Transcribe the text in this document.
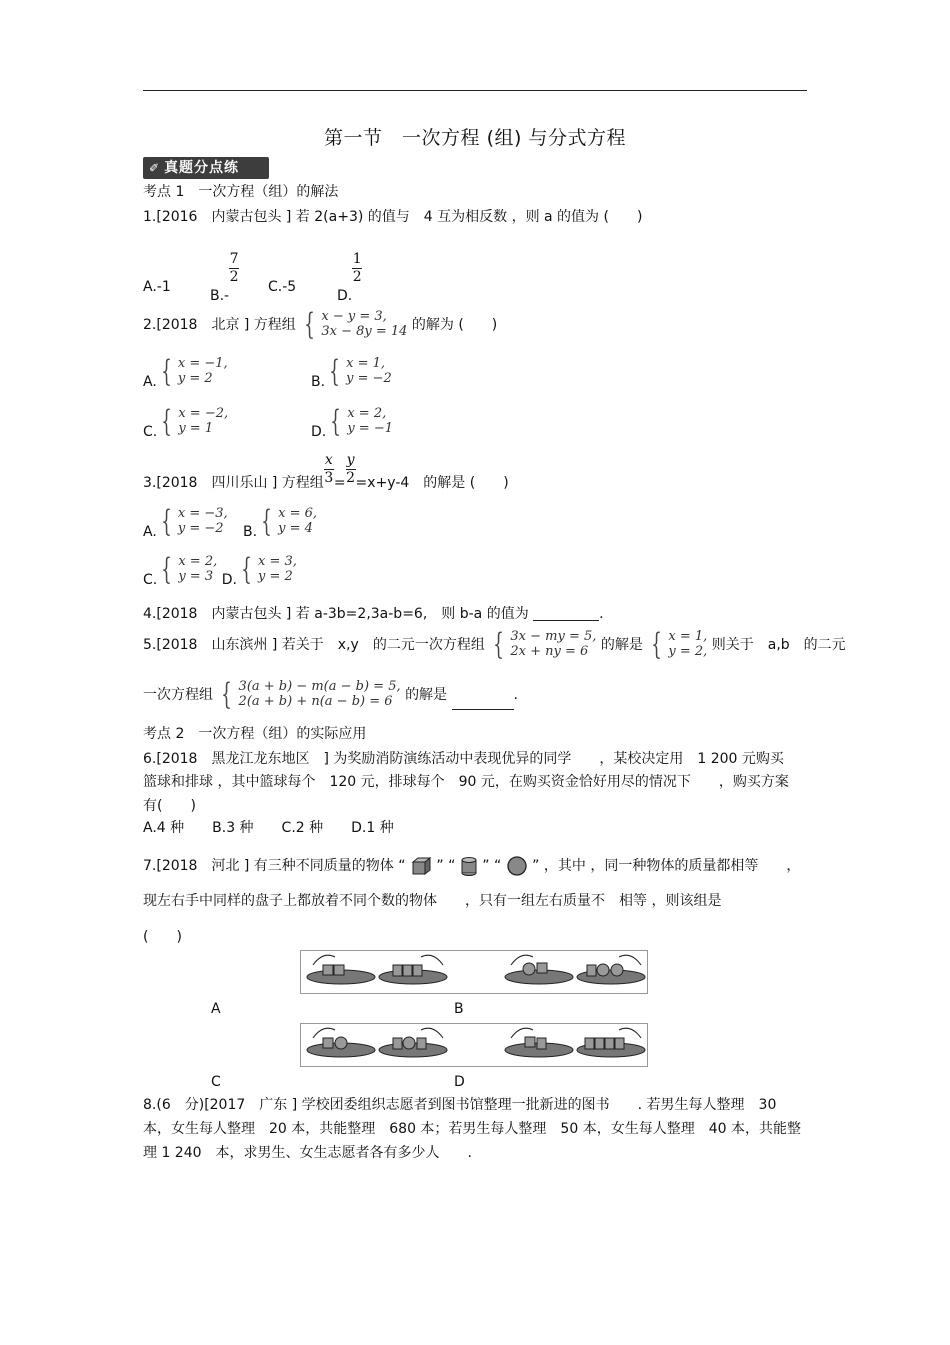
第一节　一次方程 (组) 与分式方程
✐ 真题分点练
考点 1　一次方程（组）的解法
1.[2016　内蒙古包头 ] 若 2(a+3) 的值与　4 互为相反数 ，则 a 的值为 (　　)
A.-1
B.-
$\frac{7}{2}$
C.-5
D.
$\frac{1}{2}$
2.[2018　北京 ] 方程组 { x − y = 3,
3x − 8y = 14 的解为 (　　)
A. { x = −1,
y = 2	B. { x = 1,
y = −2
C. { x = −2,
y = 1	D. { x = 2,
y = −1
3.[2018　四川乐山 ] 方程组 $\frac{x}{3} = \frac{y}{2} =x+y-4$　的解是 (　　)
A. { x = −3,
y = −2 B. { x = 6,
y = 4
C. { x = 2,
y = 3 D. { x = 3,
y = 2
4.[2018　内蒙古包头 ] 若 a-3b=2,3a-b=6,　则 b-a 的值为	.
5.[2018　山东滨州 ] 若关于　x,y　的二元一次方程组 { 3x − my = 5,
2x + ny = 6 的解是 { x = 1,
y = 2, 则关于　a,b　的二元
一次方程组 { 3(a + b) − m(a − b) = 5,
2(a + b) + n(a − b) = 6 的解是	.
考点 2　一次方程（组）的实际应用
6.[2018　黑龙江龙东地区　] 为奖励消防演练活动中表现优异的同学　　，某校决定用　1 200 元购买
篮球和排球 ，其中篮球每个　120 元，排球每个　90 元，在购买资金恰好用尽的情况下　　，购买方案
有(　　)
A.4 种　　B.3 种　　C.2 种　　D.1 种
7.[2018　河北 ] 有三种不同质量的物体 “ ” “ ” “ ” ，其中 ，同一种物体的质量都相等　　，
现左右手中同样的盘子上都放着不同个数的物体　　，只有一组左右质量不　相等 ，则该组是
(　　)
A	B
C	D
8.(6　分)[2017　广东 ] 学校团委组织志愿者到图书馆整理一批新进的图书　　. 若男生每人整理　30
本，女生每人整理　20 本，共能整理　680 本；若男生每人整理　50 本，女生每人整理　40 本，共能整
理 1 240　本，求男生、女生志愿者各有多少人　　.
